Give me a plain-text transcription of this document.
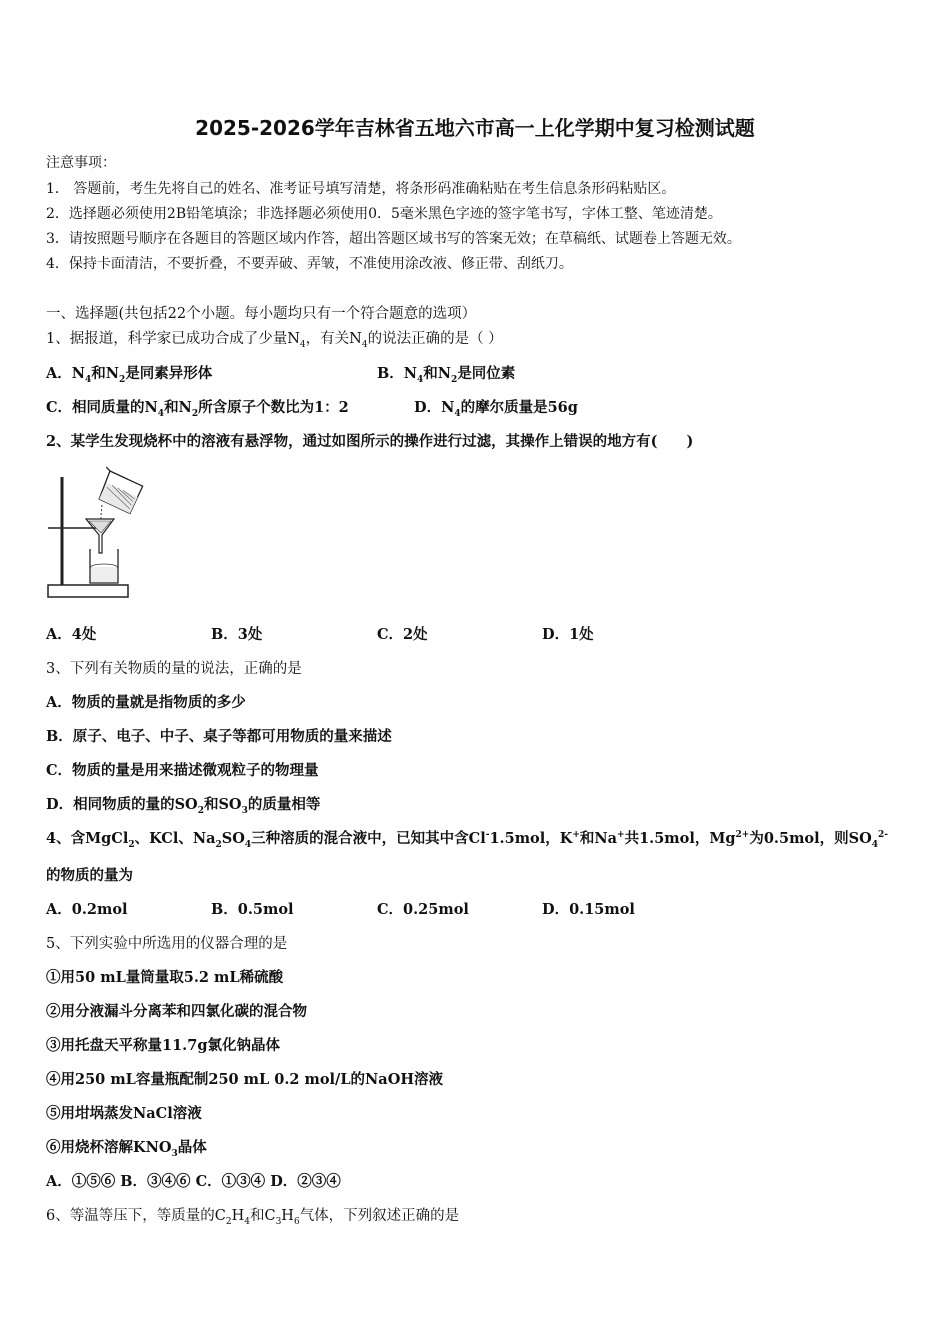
2025-2026学年吉林省五地六市高一上化学期中复习检测试题
注意事项：
1． 答题前，考生先将自己的姓名、准考证号填写清楚，将条形码准确粘贴在考生信息条形码粘贴区。
2．选择题必须使用2B铅笔填涂；非选择题必须使用0．5毫米黑色字迹的签字笔书写，字体工整、笔迹清楚。
3．请按照题号顺序在各题目的答题区域内作答，超出答题区域书写的答案无效；在草稿纸、试题卷上答题无效。
4．保持卡面清洁，不要折叠，不要弄破、弄皱，不准使用涂改液、修正带、刮纸刀。
一、选择题(共包括22个小题。每小题均只有一个符合题意的选项）
1、据报道，科学家已成功合成了少量$N_4$，有关$N_4$的说法正确的是（ ）
A．$N_4$和$N_2$是同素异形体	B．$N_4$和$N_2$是同位素
C．相同质量的$N_4$和$N_2$所含原子个数比为1：2	D．$N_4$的摩尔质量是56g
2、某学生发现烧杯中的溶液有悬浮物，通过如图所示的操作进行过滤，其操作上错误的地方有(　　)
A．4处	B．3处	C．2处	D．1处
3、下列有关物质的量的说法，正确的是
A．物质的量就是指物质的多少
B．原子、电子、中子、桌子等都可用物质的量来描述
C．物质的量是用来描述微观粒子的物理量
D．相同物质的量的$SO_2$和$SO_3$的质量相等
4、含MgCl$_2$、KCl、$Na_2SO_4$三种溶质的混合液中，已知其中含Cl-1.5mol，K+和Na+共1.5mol，$Mg^{2+}$为0.5mol，则$SO_4^{2-}$
的物质的量为
A．0.2mol	B．0.5mol	C．0.25mol	D．0.15mol
5、下列实验中所选用的仪器合理的是
①用50 mL量筒量取5.2 mL稀硫酸
②用分液漏斗分离苯和四氯化碳的混合物
③用托盘天平称量11.7g氯化钠晶体
④用250 mL容量瓶配制250 mL 0.2 mol/L的NaOH溶液
⑤用坩埚蒸发NaCl溶液
⑥用烧杯溶解$KNO_3$晶体
A．①⑤⑥ B．③④⑥ C．①③④ D．②③④
6、等温等压下，等质量的$C_2H_4$和$C_3H_6$气体，下列叙述正确的是
